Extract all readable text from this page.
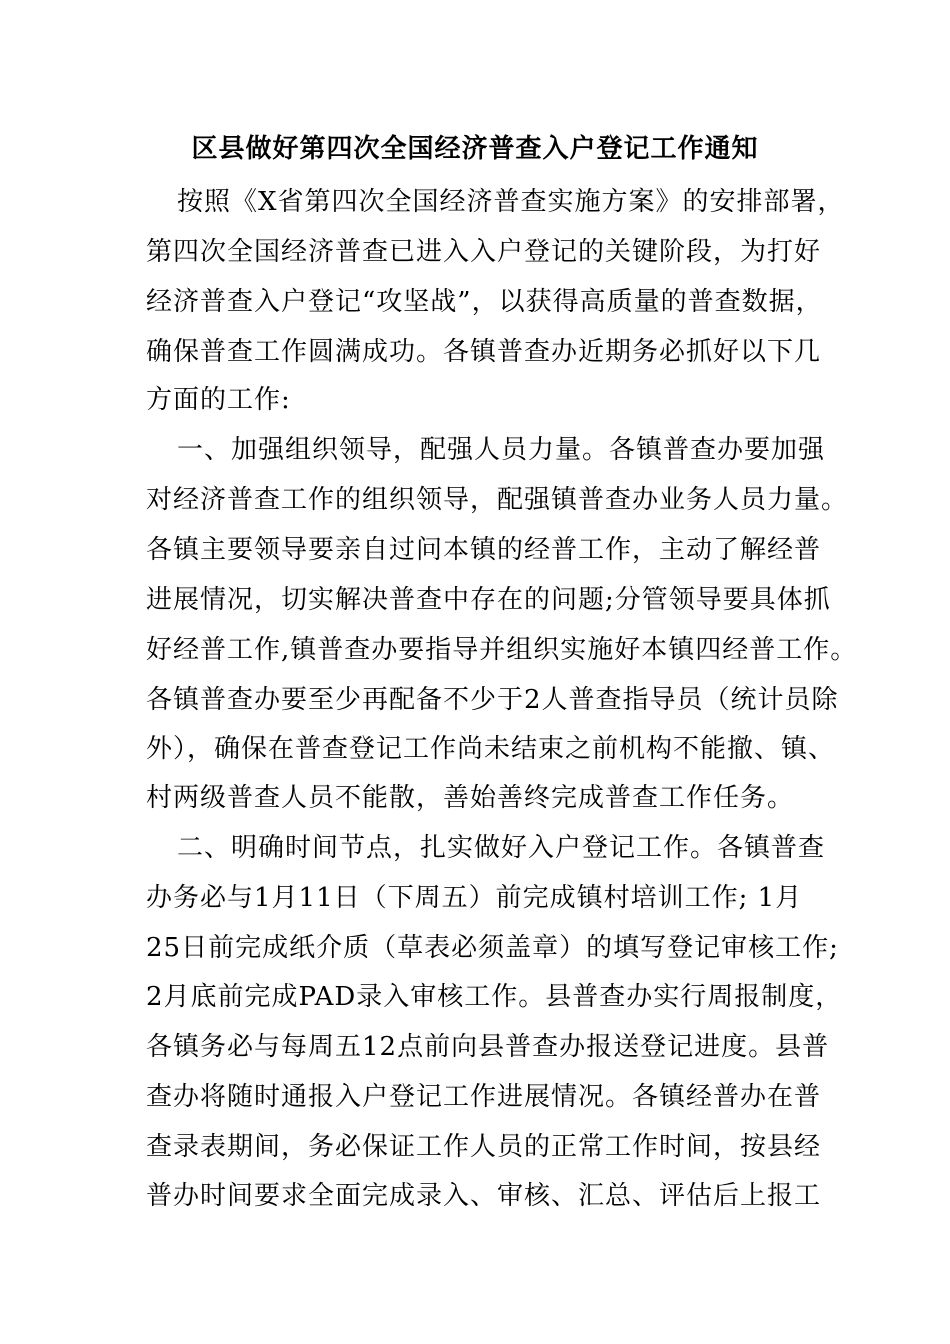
区县做好第四次全国经济普查入户登记工作通知
按照《X省第四次全国经济普查实施方案》的安排部署，
第四次全国经济普查已进入入户登记的关键阶段，为打好
经济普查入户登记“攻坚战”，以获得高质量的普查数据，
确保普查工作圆满成功。各镇普查办近期务必抓好以下几
方面的工作:
一、加强组织领导，配强人员力量。各镇普查办要加强
对经济普查工作的组织领导，配强镇普查办业务人员力量。
各镇主要领导要亲自过问本镇的经普工作，主动了解经普
进展情况，切实解决普查中存在的问题;分管领导要具体抓
好经普工作,镇普查办要指导并组织实施好本镇四经普工作。
各镇普查办要至少再配备不少于2人普查指导员（统计员除
外），确保在普查登记工作尚未结束之前机构不能撤、镇、
村两级普查人员不能散，善始善终完成普查工作任务。
二、明确时间节点，扎实做好入户登记工作。各镇普查
办务必与1月11日（下周五）前完成镇村培训工作; 1月
25日前完成纸介质（草表必须盖章）的填写登记审核工作;
2月底前完成PAD录入审核工作。县普查办实行周报制度，
各镇务必与每周五12点前向县普查办报送登记进度。县普
查办将随时通报入户登记工作进展情况。各镇经普办在普
查录表期间，务必保证工作人员的正常工作时间，按县经
普办时间要求全面完成录入、审核、汇总、评估后上报工
